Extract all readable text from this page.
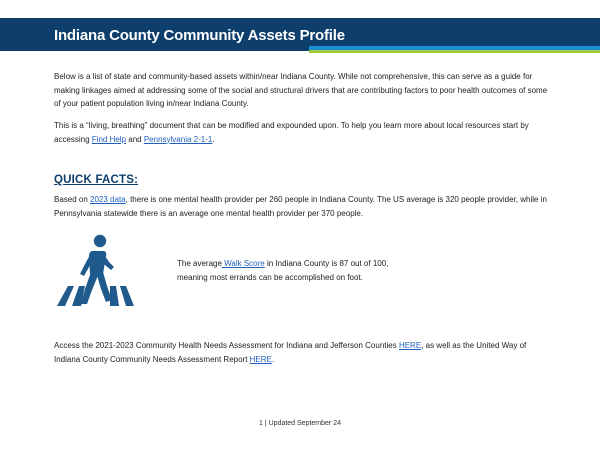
Indiana County Community Assets Profile
Below is a list of state and community-based assets within/near Indiana County. While not comprehensive, this can serve as a guide for making linkages aimed at addressing some of the social and structural drivers that are contributing factors to poor health outcomes of some of your patient population living in/near Indiana County.
This is a “living, breathing” document that can be modified and expounded upon. To help you learn more about local resources start by accessing Find Help and Pennsylvania 2-1-1.
QUICK FACTS:
Based on 2023 data, there is one mental health provider per 260 people in Indiana County. The US average is 320 people provider, while in Pennsylvania statewide there is an average one mental health provider per 370 people.
The average Walk Score in Indiana County is 87 out of 100,
meaning most errands can be accomplished on foot.
Access the 2021-2023 Community Health Needs Assessment for Indiana and Jefferson Counties HERE, as well as the United Way of Indiana County Community Needs Assessment Report HERE.
1 | Updated September 24
